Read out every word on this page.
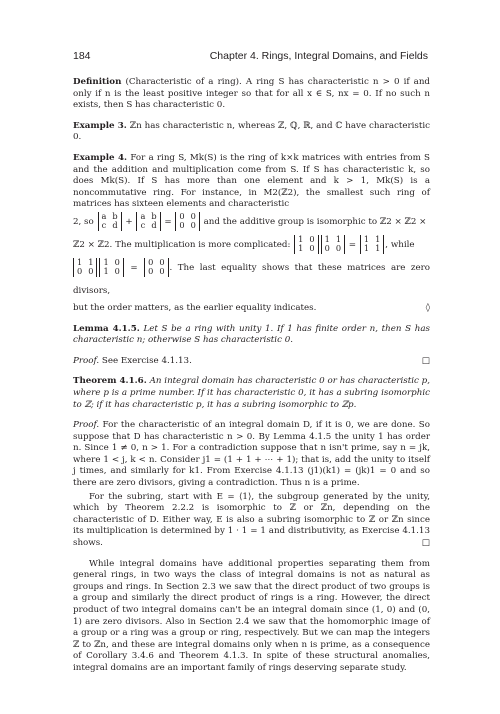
184	Chapter 4. Rings, Integral Domains, and Fields

Definition (Characteristic of a ring). A ring S has characteristic n > 0 if and only if n is the least positive integer so that for all x ∈ S, nx = 0. If no such n exists, then S has characteristic 0.

Example 3. ℤn has characteristic n, whereas ℤ, ℚ, ℝ, and ℂ have characteristic 0.

Example 4. For a ring S, Mk(S) is the ring of k×k matrices with entries from S and the addition and multiplication come from S. If S has characteristic k, so does Mk(S). If S has more than one element and k > 1, Mk(S) is a noncommutative ring. For instance, in M2(ℤ2), the smallest such ring of matrices has sixteen elements and characteristic
2, so
a	b
c	d +
a	b
c	d =
0	0
0	0 and the additive group is isomorphic to ℤ2 × ℤ2 ×
ℤ2 × ℤ2. The multiplication is more complicated:
1	0
1	0
1	1
0	0 =
1	1
1	1 , while
1	1
0	0
1	0
1	0 =
0	0
0	0 . The last equality shows that these matrices are zero divisors,
but the order matters, as the earlier equality indicates.	◊

Lemma 4.1.5. Let S be a ring with unity 1. If 1 has finite order n, then S has characteristic n; otherwise S has characteristic 0.

Proof. See Exercise 4.1.13.	□

Theorem 4.1.6. An integral domain has characteristic 0 or has characteristic p, where p is a prime number. If it has characteristic 0, it has a subring isomorphic to ℤ; if it has characteristic p, it has a subring isomorphic to ℤp.

Proof. For the characteristic of an integral domain D, if it is 0, we are done. So suppose that D has characteristic n > 0. By Lemma 4.1.5 the unity 1 has order n. Since 1 ≠ 0, n > 1. For a contradiction suppose that n isn't prime, say n = jk, where 1 < j, k < n. Consider j1 = (1 + 1 + ⋯ + 1); that is, add the unity to itself j times, and similarly for k1. From Exercise 4.1.13 (j1)(k1) = (jk)1 = 0 and so there are zero divisors, giving a contradiction. Thus n is a prime.

For the subring, start with E = ⟨1⟩, the subgroup generated by the unity, which by Theorem 2.2.2 is isomorphic to ℤ or ℤn, depending on the characteristic of D. Either way, E is also a subring isomorphic to ℤ or ℤn since its multiplication is determined by 1 · 1 = 1 and distributivity, as Exercise 4.1.13 shows.	□

While integral domains have additional properties separating them from general rings, in two ways the class of integral domains is not as natural as groups and rings. In Section 2.3 we saw that the direct product of two groups is a group and similarly the direct product of rings is a ring. However, the direct product of two integral domains can't be an integral domain since (1, 0) and (0, 1) are zero divisors. Also in Section 2.4 we saw that the homomorphic image of a group or a ring was a group or ring, respectively. But we can map the integers ℤ to ℤn, and these are integral domains only when n is prime, as a consequence of Corollary 3.4.6 and Theorem 4.1.3. In spite of these structural anomalies, integral domains are an important family of rings deserving separate study.
